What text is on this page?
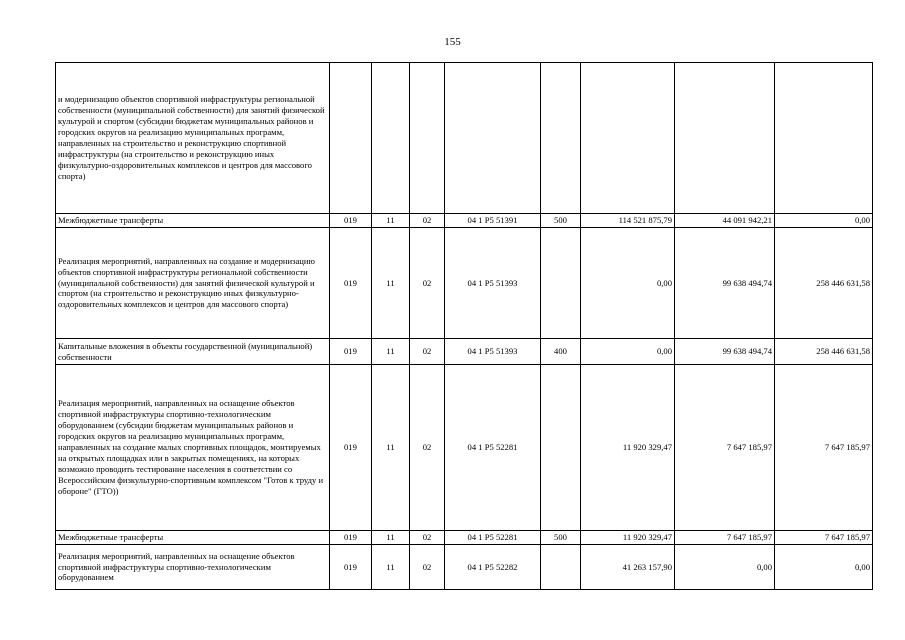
155
и модернизацию объектов спортивной инфраструктуры региональной собственности (муниципальной собственности) для занятий физической культурой и спортом (субсидии бюджетам муниципальных районов и городских округов на реализацию муниципальных программ, направленных на строительство и реконструкцию спортивной инфраструктуры (на строительство и реконструкцию иных физкультурно-оздоровительных комплексов и центров для массового спорта)								
Межбюджетные трансферты	019	11	02	04 1 P5 51391	500	114 521 875,79	44 091 942,21	0,00
Реализация мероприятий, направленных на создание и модернизацию объектов спортивной инфраструктуры региональной собственности (муниципальной собственности) для занятий физической культурой и спортом (на строительство и реконструкцию иных физкультурно-оздоровительных комплексов и центров для массового спорта)	019	11	02	04 1 P5 51393		0,00	99 638 494,74	258 446 631,58
Капитальные вложения в объекты государственной (муниципальной) собственности	019	11	02	04 1 P5 51393	400	0,00	99 638 494,74	258 446 631,58
Реализация мероприятий, направленных на оснащение объектов спортивной инфраструктуры спортивно-технологическим оборудованием (субсидии бюджетам муниципальных районов и городских округов на реализацию муниципальных программ, направленных на создание малых спортивных площадок, монтируемых на открытых площадках или в закрытых помещениях, на которых возможно проводить тестирование населения в соответствии со Всероссийским физкультурно-спортивным комплексом "Готов к труду и обороне" (ГТО))	019	11	02	04 1 P5 52281		11 920 329,47	7 647 185,97	7 647 185,97
Межбюджетные трансферты	019	11	02	04 1 P5 52281	500	11 920 329,47	7 647 185,97	7 647 185,97
Реализация мероприятий, направленных на оснащение объектов спортивной инфраструктуры спортивно-технологическим оборудованием	019	11	02	04 1 P5 52282		41 263 157,90	0,00	0,00
